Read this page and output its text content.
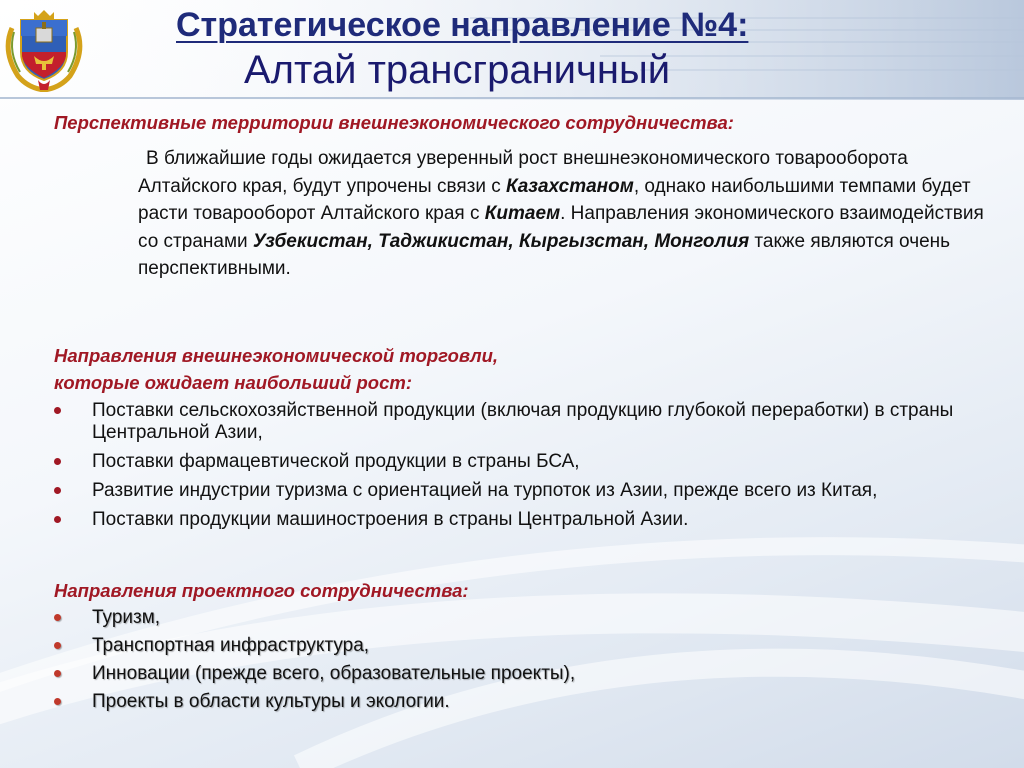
Стратегическое направление №4:
Алтай трансграничный
Перспективные территории внешнеэкономического сотрудничества:
В ближайшие годы ожидается уверенный рост внешнеэкономического товарооборота Алтайского края, будут упрочены связи с Казахстаном, однако наибольшими темпами будет расти товарооборот Алтайского края с Китаем. Направления экономического взаимодействия со странами Узбекистан, Таджикистан, Кыргызстан, Монголия также являются очень перспективными.
Направления внешнеэкономической торговли,
которые ожидает наибольший рост:
Поставки сельскохозяйственной продукции (включая продукцию глубокой переработки) в страны Центральной Азии,
Поставки фармацевтической продукции в страны БСА,
Развитие индустрии туризма с ориентацией на турпоток из Азии, прежде всего из Китая,
Поставки продукции машиностроения в страны Центральной Азии.
Направления проектного сотрудничества:
Туризм,
Транспортная инфраструктура,
Инновации (прежде всего, образовательные проекты),
Проекты в области культуры и экологии.
